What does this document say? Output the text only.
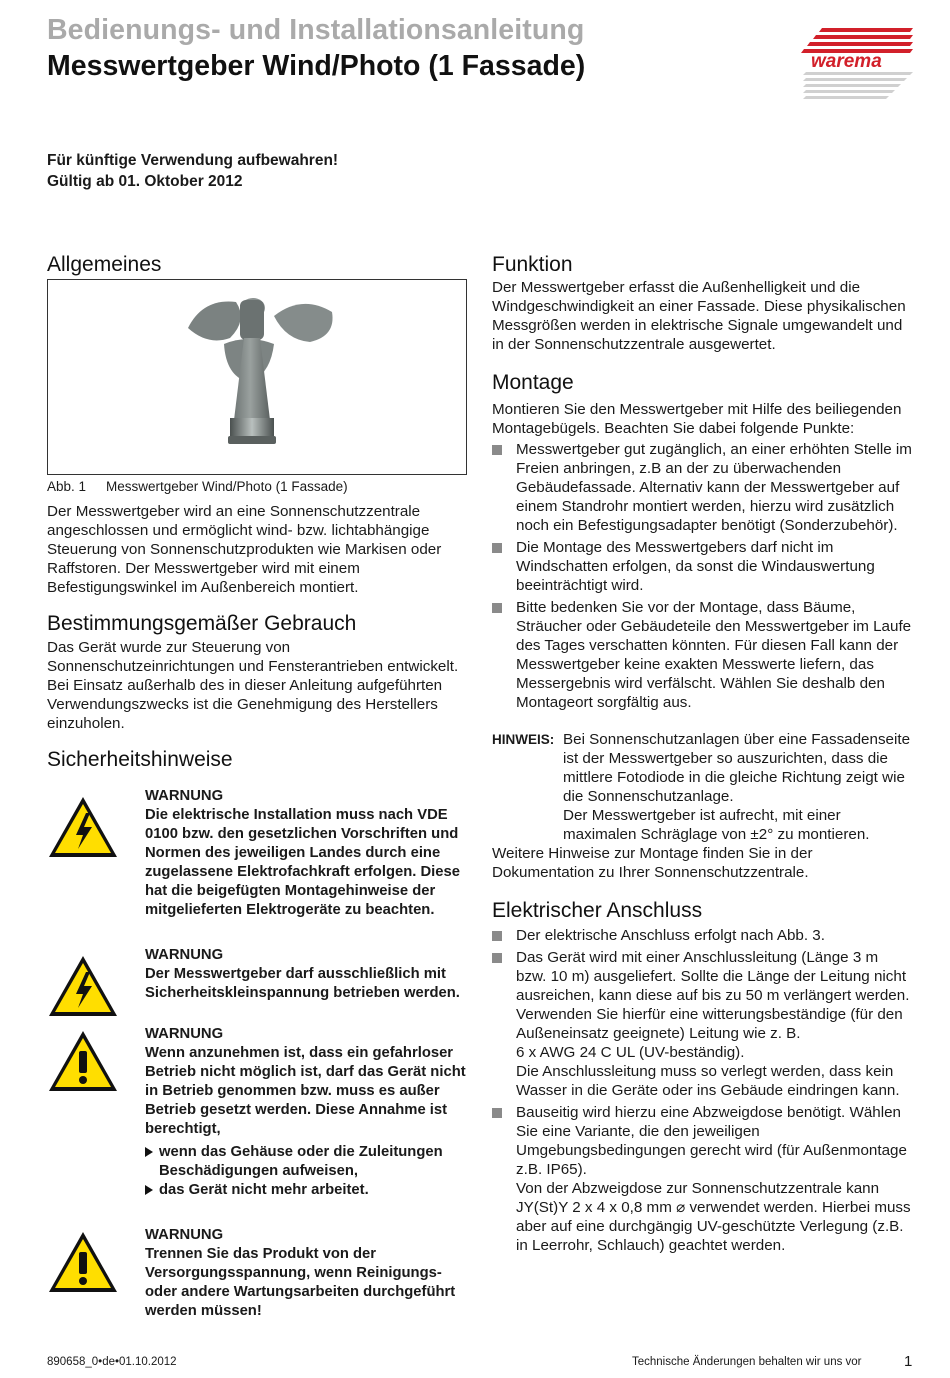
Bedienungs- und Installationsanleitung
Messwertgeber Wind/Photo (1 Fassade)	warema
Für künftige Verwendung aufbewahren!
Gültig ab 01. Oktober 2012
Allgemeines
Abb. 1	Messwertgeber Wind/Photo (1 Fassade)

Der Messwertgeber wird an eine Sonnenschutzzentrale angeschlossen und ermöglicht wind- bzw. lichtabhängige Steuerung von Sonnenschutzprodukten wie Markisen oder Raffstoren. Der Messwertgeber wird mit einem Befestigungswinkel im Außenbereich montiert.

Bestimmungsgemäßer Gebrauch

Das Gerät wurde zur Steuerung von Sonnenschutzeinrichtungen und Fensterantrieben entwickelt. Bei Einsatz außerhalb des in dieser Anleitung aufgeführten Verwendungszwecks ist die Genehmigung des Herstellers einzuholen.

Sicherheitshinweise
WARNUNG
Die elektrische Installation muss nach VDE 0100 bzw. den gesetzlichen Vorschriften und Normen des jeweiligen Landes durch eine zugelassene Elektrofachkraft erfolgen. Diese hat die beigefügten Montagehinweise der mitgelieferten Elektrogeräte zu beachten.
WARNUNG
Der Messwertgeber darf ausschließlich mit Sicherheitskleinspannung betrieben werden.
WARNUNG
Wenn anzunehmen ist, dass ein gefahrloser Betrieb nicht möglich ist, darf das Gerät nicht in Betrieb genommen bzw. muss es außer Betrieb gesetzt werden. Diese Annahme ist berechtigt,
wenn das Gehäuse oder die Zuleitungen Beschädigungen aufweisen,
das Gerät nicht mehr arbeitet.
WARNUNG
Trennen Sie das Produkt von der Versorgungsspannung, wenn Reinigungs- oder andere Wartungsarbeiten durchgeführt werden müssen!
Funktion

Der Messwertgeber erfasst die Außenhelligkeit und die Windgeschwindigkeit an einer Fassade. Diese physikalischen Messgrößen werden in elektrische Signale umgewandelt und in der Sonnenschutzzentrale ausgewertet.

Montage

Montieren Sie den Messwertgeber mit Hilfe des beiliegenden Montagebügels. Beachten Sie dabei folgende Punkte:

Messwertgeber gut zugänglich, an einer erhöhten Stelle im Freien anbringen, z.B an der zu überwachenden Gebäudefassade. Alternativ kann der Messwertgeber auf einem Standrohr montiert werden, hierzu wird zusätzlich noch ein Befestigungsadapter benötigt (Sonderzubehör).
Die Montage des Messwertgebers darf nicht im Windschatten erfolgen, da sonst die Windauswertung beeinträchtigt wird.
Bitte bedenken Sie vor der Montage, dass Bäume, Sträucher oder Gebäudeteile den Messwertgeber im Laufe des Tages verschatten könnten. Für diesen Fall kann der Messwertgeber keine exakten Messwerte liefern, das Messergebnis wird verfälscht. Wählen Sie deshalb den Montageort sorgfältig aus.
HINWEIS: Bei Sonnenschutzanlagen über eine Fassadenseite ist der Messwertgeber so auszurichten, dass die mittlere Fotodiode in die gleiche Richtung zeigt wie die Sonnenschutzanlage.
Der Messwertgeber ist aufrecht, mit einer maximalen Schräglage von ±2° zu montieren.

Weitere Hinweise zur Montage finden Sie in der Dokumentation zu Ihrer Sonnenschutzzentrale.

Elektrischer Anschluss
Der elektrische Anschluss erfolgt nach Abb. 3.
Das Gerät wird mit einer Anschlussleitung (Länge 3 m bzw. 10 m) ausgeliefert. Sollte die Länge der Leitung nicht ausreichen, kann diese auf bis zu 50 m verlängert werden.
Verwenden Sie hierfür eine witterungsbeständige (für den Außeneinsatz geeignete) Leitung wie z. B.
6 x AWG 24 C UL (UV-beständig).
Die Anschlussleitung muss so verlegt werden, dass kein Wasser in die Geräte oder ins Gebäude eindringen kann.
Bauseitig wird hierzu eine Abzweigdose benötigt. Wählen Sie eine Variante, die den jeweiligen Umgebungsbedingungen gerecht wird (für Außenmontage z.B. IP65).
Von der Abzweigdose zur Sonnenschutzzentrale kann JY(St)Y 2 x 4 x 0,8 mm ⌀ verwendet werden. Hierbei muss aber auf eine durchgängig UV-geschützte Verlegung (z.B. in Leerrohr, Schlauch) geachtet werden.
890658_0•de•01.10.2012	Technische Änderungen behalten wir uns vor	1
